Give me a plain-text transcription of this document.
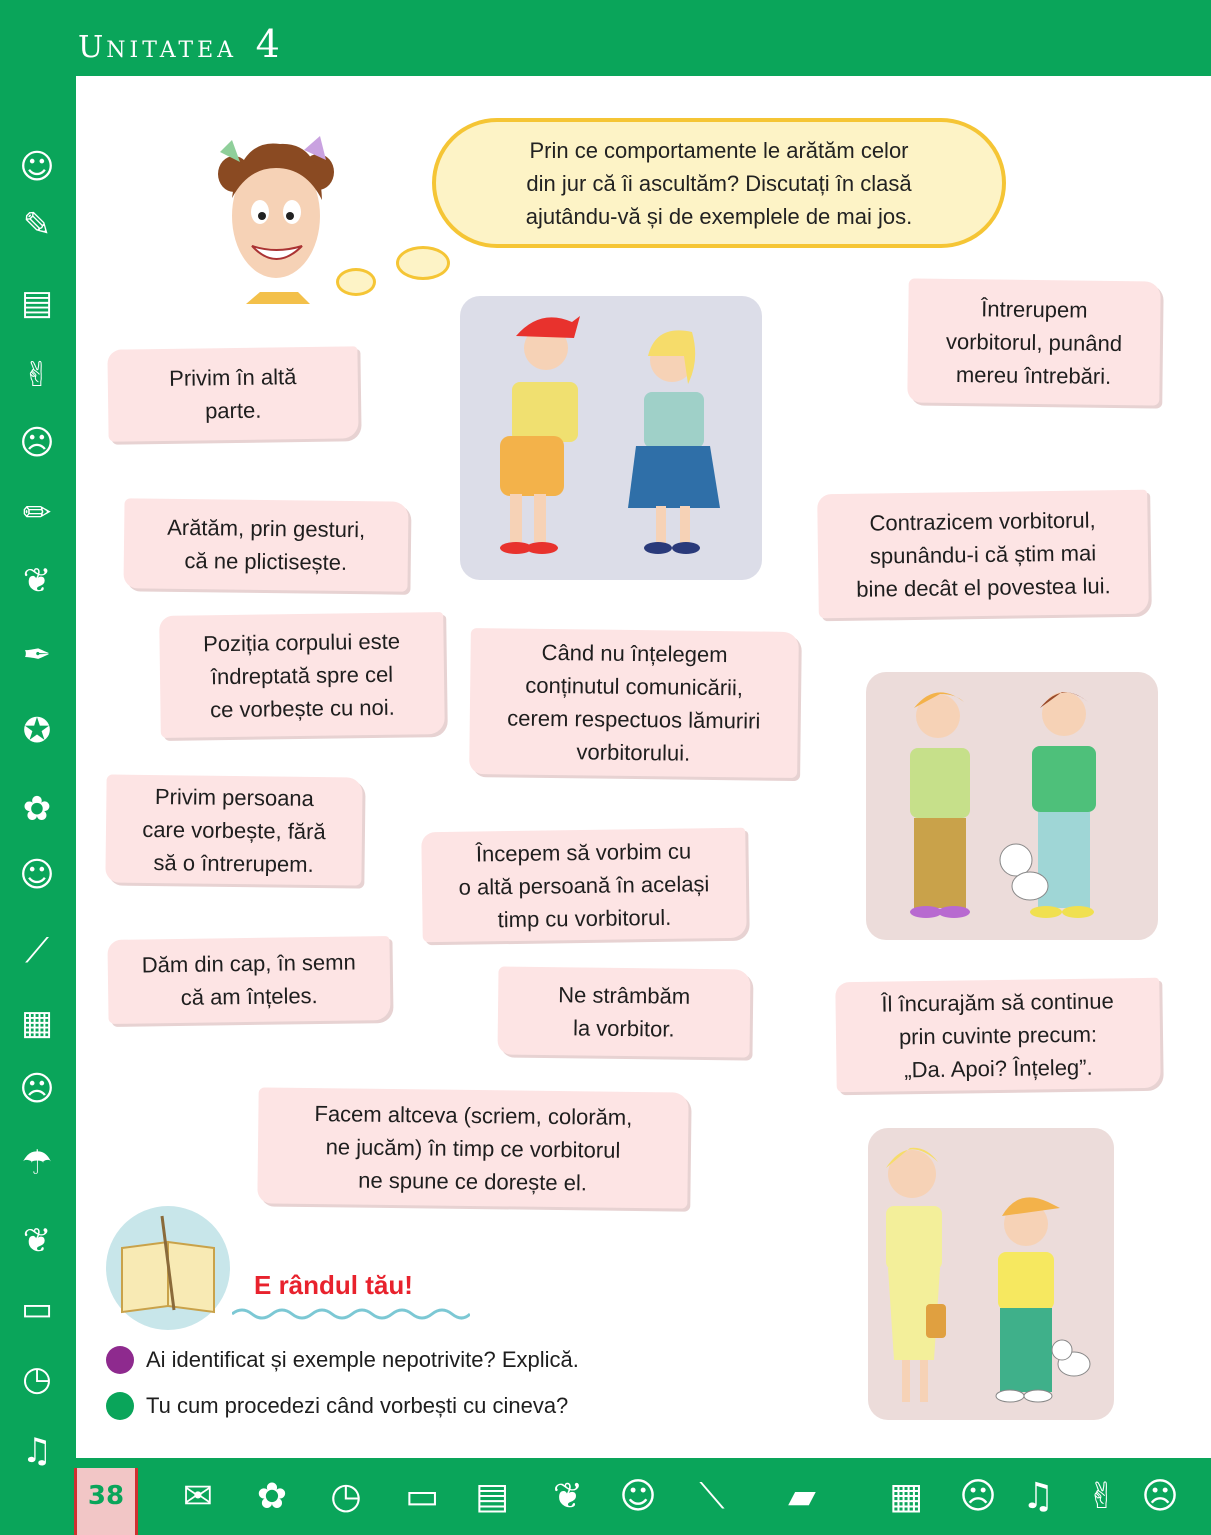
UNITATEA 4
38
☺
✎
▤
✌
☹
✏
❦
✒
✪
✿
☺
⟋
▦
☹
☂
❦
▭
◷
♫
✉	✿	◷ ▭ ▤	❦	☺	⟍	▰	▦ ☹ ♫ ✌ ☹
Prin ce comportamente le arătăm celor
din jur că îi ascultăm? Discutați în clasă
ajutându-vă și de exemplele de mai jos.
Privim în altă
parte.
Întrerupem
vorbitorul, punând
mereu întrebări.
Arătăm, prin gesturi,
că ne plictisește.
Contrazicem vorbitorul,
spunându-i că știm mai
bine decât el povestea lui.
Poziția corpului este
îndreptată spre cel
ce vorbește cu noi.
Când nu înțelegem
conținutul comunicării,
cerem respectuos lămuriri
vorbitorului.
Privim persoana
care vorbește, fără
să o întrerupem.	Începem să vorbim cu
o altă persoană în același
timp cu vorbitorul.
Dăm din cap, în semn
că am înțeles.	Ne strâmbăm
la vorbitor.
Îl încurajăm să continue
prin cuvinte precum:
„Da. Apoi? Înțeleg”.
Facem altceva (scriem, colorăm,
ne jucăm) în timp ce vorbitorul
ne spune ce dorește el.
E rândul tău!
Ai identificat și exemple nepotrivite? Explică.
Tu cum procedezi când vorbești cu cineva?
